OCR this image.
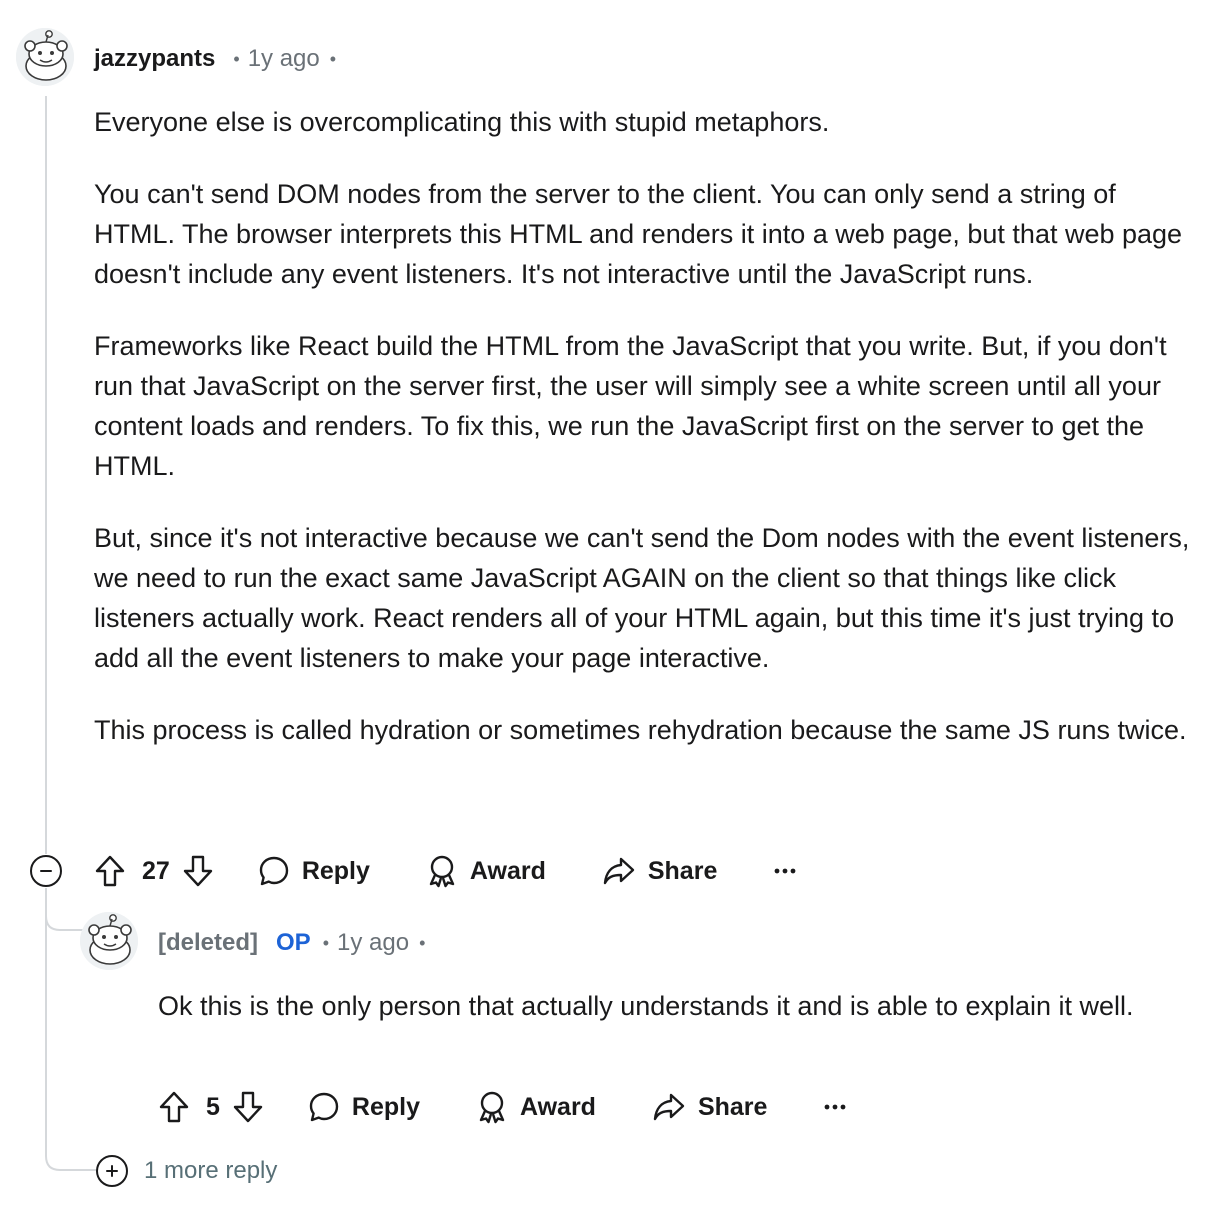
jazzypants • 1y ago •

Everyone else is overcomplicating this with stupid metaphors.

You can't send DOM nodes from the server to the client. You can only send a string of HTML. The browser interprets this HTML and renders it into a web page, but that web page doesn't include any event listeners. It's not interactive until the JavaScript runs.

Frameworks like React build the HTML from the JavaScript that you write. But, if you don't run that JavaScript on the server first, the user will simply see a white screen until all your content loads and renders. To fix this, we run the JavaScript first on the server to get the HTML.

But, since it's not interactive because we can't send the Dom nodes with the event listeners, we need to run the exact same JavaScript AGAIN on the client so that things like click listeners actually work. React renders all of your HTML again, but this time it's just trying to add all the event listeners to make your page interactive.

This process is called hydration or sometimes rehydration because the same JS runs twice.

27	Reply	Award	Share
[deleted] OP • 1y ago •

Ok this is the only person that actually understands it and is able to explain it well.

5	Reply	Award	Share
1 more reply
